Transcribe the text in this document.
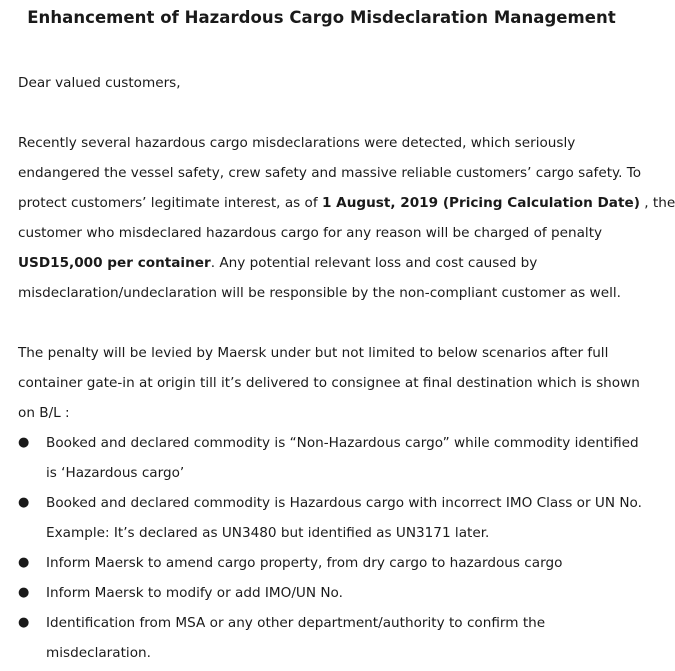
Enhancement of Hazardous Cargo Misdeclaration Management
Dear valued customers,
Recently several hazardous cargo misdeclarations were detected, which seriously
endangered the vessel safety, crew safety and massive reliable customers’ cargo safety. To
protect customers’ legitimate interest, as of 1 August, 2019 (Pricing Calculation Date) , the
customer who misdeclared hazardous cargo for any reason will be charged of penalty
USD15,000 per container. Any potential relevant loss and cost caused by
misdeclaration/undeclaration will be responsible by the non-compliant customer as well.
The penalty will be levied by Maersk under but not limited to below scenarios after full
container gate-in at origin till it’s delivered to consignee at final destination which is shown
on B/L :
● Booked and declared commodity is “Non-Hazardous cargo” while commodity identified
is ‘Hazardous cargo’
● Booked and declared commodity is Hazardous cargo with incorrect IMO Class or UN No.
Example: It’s declared as UN3480 but identified as UN3171 later.
● Inform Maersk to amend cargo property, from dry cargo to hazardous cargo
● Inform Maersk to modify or add IMO/UN No.
● Identification from MSA or any other department/authority to confirm the
misdeclaration.
